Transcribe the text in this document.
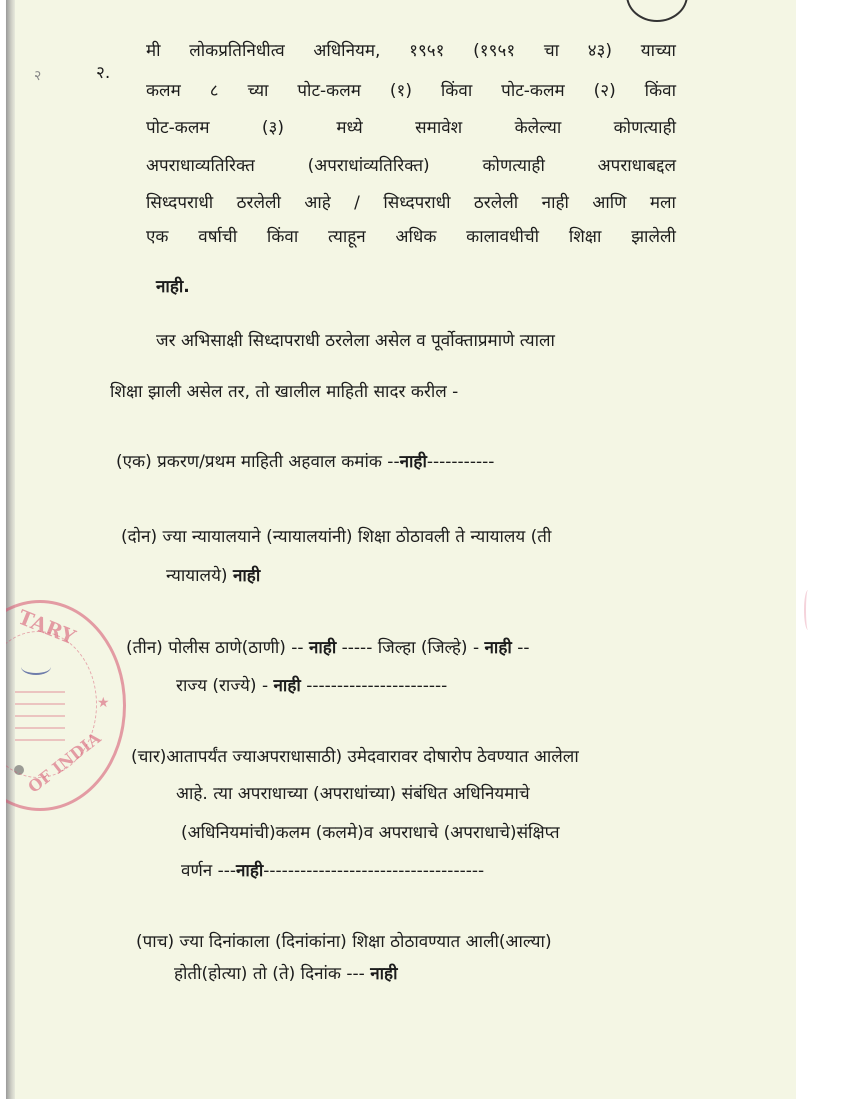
२	२.
मी लोकप्रतिनिधीत्व अधिनियम, १९५१ (१९५१ चा ४३) याच्या
कलम ८ च्या पोट-कलम (१) किंवा पोट-कलम (२) किंवा
पोट-कलम	(३)	मध्ये	समावेश	केलेल्या	कोणत्याही
अपराधाव्यतिरिक्त	(अपराधांव्यतिरिक्त)	कोणत्याही	अपराधाबद्दल
सिध्दपराधी ठरलेली आहे / सिध्दपराधी ठरलेली नाही आणि मला
एक वर्षाची किंवा त्याहून अधिक कालावधीची शिक्षा झालेली
नाही.
जर अभिसाक्षी सिध्दापराधी ठरलेला असेल व पूर्वोक्ताप्रमाणे त्याला
शिक्षा झाली असेल तर, तो खालील माहिती सादर करील -
(एक) प्रकरण/प्रथम माहिती अहवाल कमांक --नाही-----------
(दोन) ज्या न्यायालयाने (न्यायालयांनी) शिक्षा ठोठावली ते न्यायालय (ती
न्यायालये) नाही
(तीन) पोलीस ठाणे(ठाणी) -- नाही ----- जिल्हा (जिल्हे) - नाही --
राज्य (राज्ये) - नाही -----------------------
(चार)आतापर्यंत ज्याअपराधासाठी) उमेदवारावर दोषारोप ठेवण्यात आलेला
आहे. त्या अपराधाच्या (अपराधांच्या) संबंधित अधिनियमाचे
(अधिनियमांची)कलम (कलमे)व अपराधाचे (अपराधाचे)संक्षिप्त
वर्णन ---नाही------------------------------------
(पाच) ज्या दिनांकाला (दिनांकांना) शिक्षा ठोठावण्यात आली(आल्या)
होती(होत्या) तो (ते) दिनांक --- नाही
TARY
OF INDIA
★
